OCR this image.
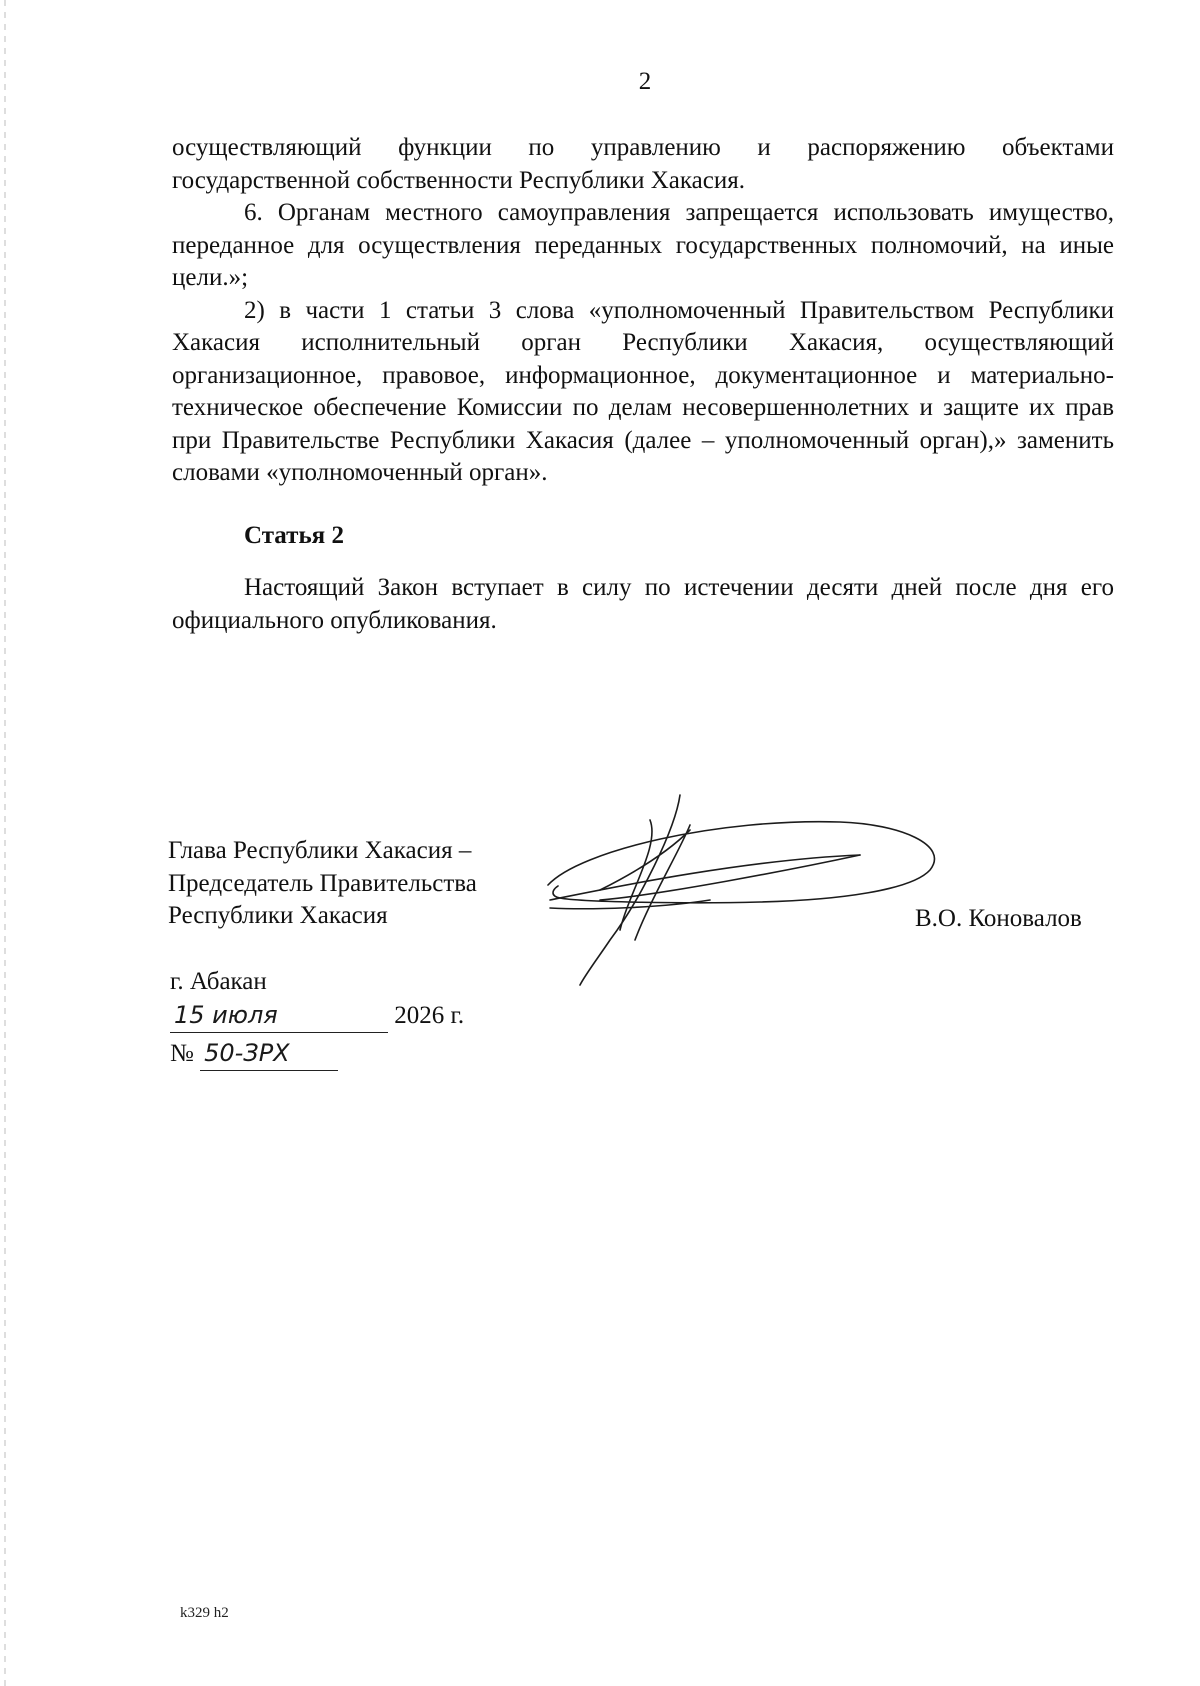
2

осуществляющий функции по управлению и распоряжению объектами государственной собственности Республики Хакасия.

6. Органам местного самоуправления запрещается использовать имущество, переданное для осуществления переданных государственных полномочий, на иные цели.»;

2) в части 1 статьи 3 слова «уполномоченный Правительством Республики Хакасия исполнительный орган Республики Хакасия, осуществляющий организационное, правовое, информационное, документационное и материально-техническое обеспечение Комиссии по делам несовершеннолетних и защите их прав при Правительстве Республики Хакасия (далее – уполномоченный орган),» заменить словами «уполномоченный орган».

Статья 2

Настоящий Закон вступает в силу по истечении десяти дней после дня его официального опубликования.

Глава Республики Хакасия –
Председатель Правительства
Республики Хакасия	В.О. Коновалов
г. Абакан
15 июля	2026 г.
№ 50-ЗРХ
k329 h2
